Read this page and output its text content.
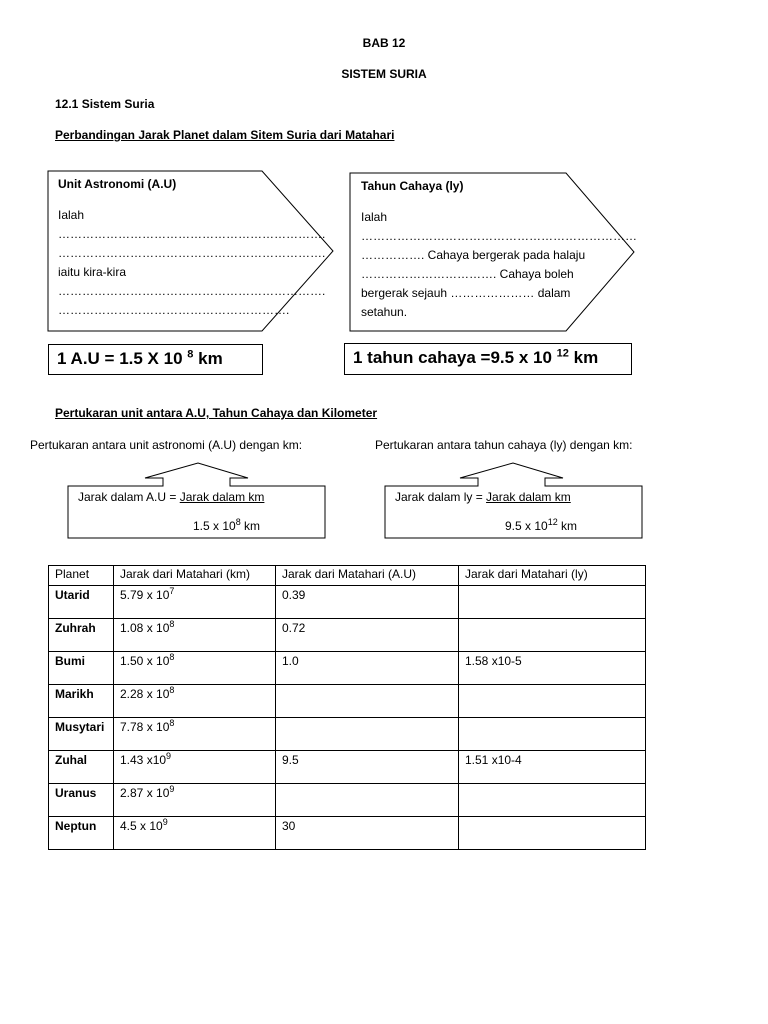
BAB 12
SISTEM SURIA
12.1 Sistem Suria
Perbandingan Jarak Planet dalam Sitem Suria dari Matahari
Unit Astronomi (A.U)
Ialah
………………………………………………………….
………………………………………………………….
iaitu kira-kira
………………………………………………………….
………………………………………………….
Tahun Cahaya (ly)
Ialah
……………………………………………………………
……………. Cahaya bergerak pada halaju
……………………………. Cahaya boleh
bergerak sejauh ………………… dalam
setahun.
1 A.U = 1.5 X 10 $^8$ km	1 tahun cahaya =9.5 x 10 $^{12}$ km
Pertukaran unit antara A.U, Tahun Cahaya dan Kilometer
Pertukaran antara unit astronomi (A.U) dengan km:	Pertukaran antara tahun cahaya (ly) dengan km:
Jarak dalam A.U = Jarak dalam km
1.5 x $10^8$ km
Jarak dalam ly = Jarak dalam km
9.5 x $10^{12}$ km
Planet	Jarak dari Matahari (km)	Jarak dari Matahari (A.U)	Jarak dari Matahari (ly)
Utarid	5.79 x $10^7$	0.39	
Zuhrah	1.08 x $10^8$	0.72	
Bumi	1.50 x $10^8$	1.0	1.58 x10-5
Marikh	2.28 x $10^8$		
Musytari	7.78 x $10^8$		
Zuhal	1.43 $x10^9$	9.5	1.51 x10-4
Uranus	2.87 x $10^9$		
Neptun	4.5 x $10^9$	30	
